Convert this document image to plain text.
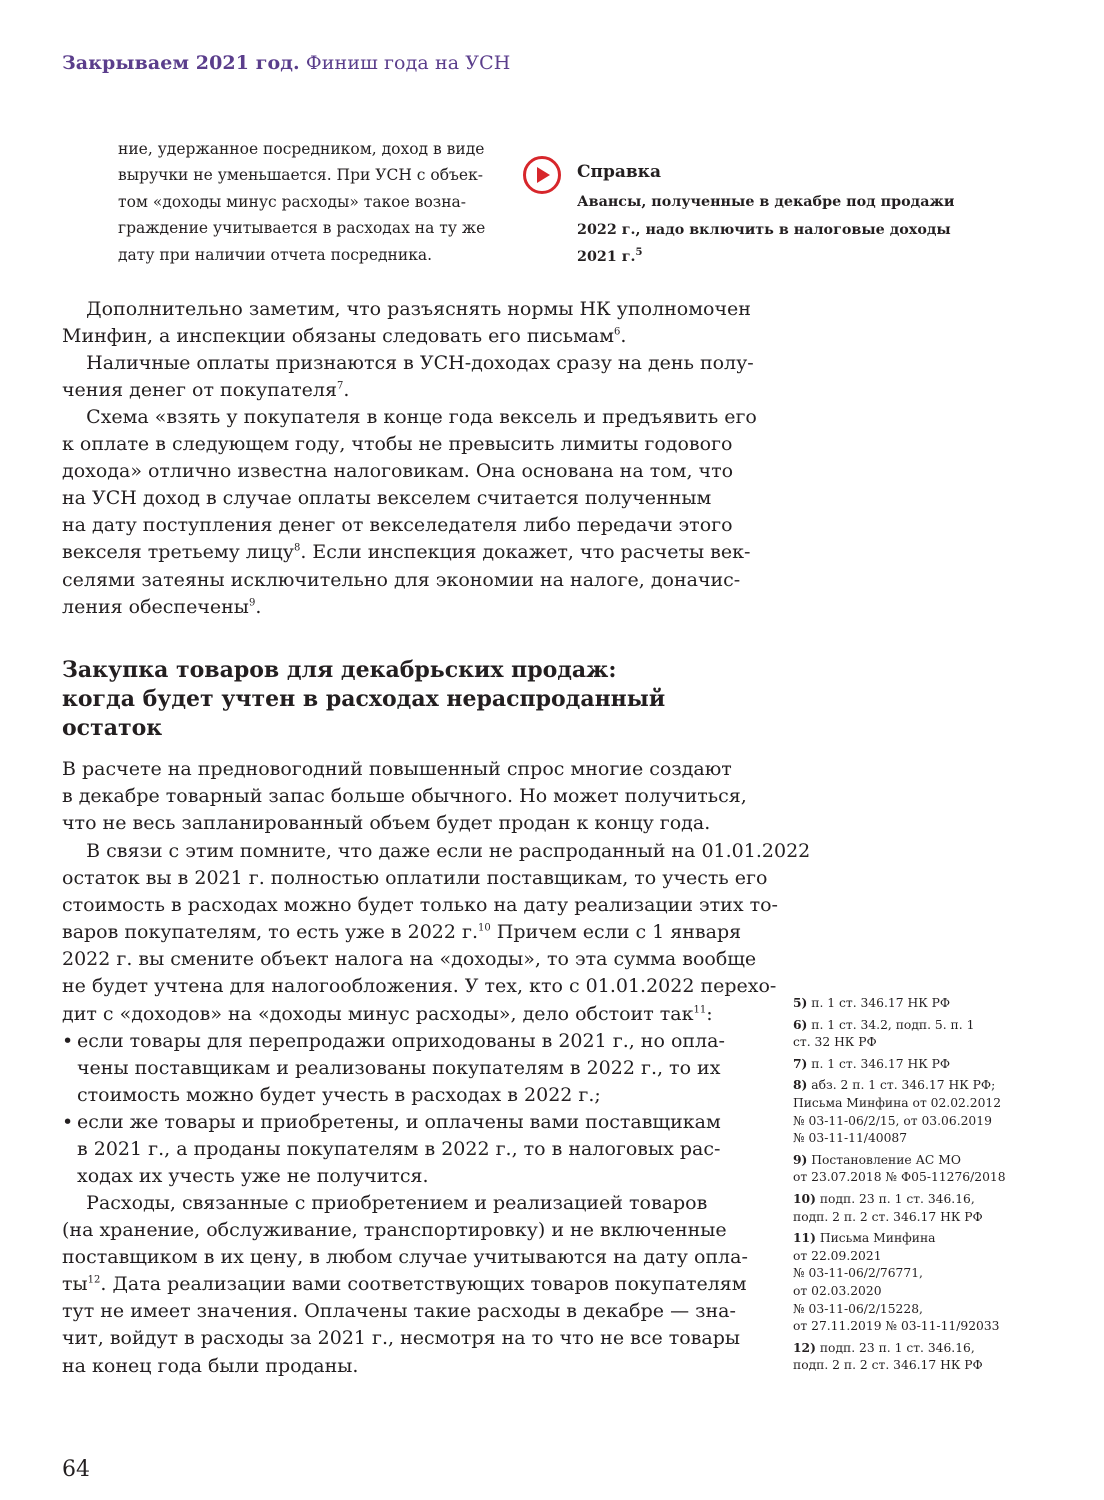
Закрываем 2021 год. Финиш года на УСН
ние, удержанное посредником, доход в виде
выручки не уменьшается. При УСН с объек-
том «доходы минус расходы» такое возна-
граждение учитывается в расходах на ту же
дату при наличии отчета посредника.
Справка
Авансы, полученные в декабре под продажи
2022 г., надо включить в налоговые доходы
2021 г.$^5$
Дополнительно заметим, что разъяснять нормы НК уполномочен
Минфин, а инспекции обязаны следовать его письмам$^6$.
Наличные оплаты признаются в УСН-доходах сразу на день полу-
чения денег от покупателя$^7$.
Схема «взять у покупателя в конце года вексель и предъявить его
к оплате в следующем году, чтобы не превысить лимиты годового
дохода» отлично известна налоговикам. Она основана на том, что
на УСН доход в случае оплаты векселем считается полученным
на дату поступления денег от векселедателя либо передачи этого
векселя третьему лицу$^8$. Если инспекция докажет, что расчеты век-
селями затеяны исключительно для экономии на налоге, доначис-
ления обеспечены$^9$.
Закупка товаров для декабрьских продаж:
когда будет учтен в расходах нераспроданный
остаток
В расчете на предновогодний повышенный спрос многие создают
в декабре товарный запас больше обычного. Но может получиться,
что не весь запланированный объем будет продан к концу года.
В связи с этим помните, что даже если не распроданный на 01.01.2022
остаток вы в 2021 г. полностью оплатили поставщикам, то учесть его
стоимость в расходах можно будет только на дату реализации этих то-
варов покупателям, то есть уже в 2022 г.$^{10}$ Причем если с 1 января
2022 г. вы смените объект налога на «доходы», то эта сумма вообще
не будет учтена для налогообложения. У тех, кто с 01.01.2022 перехо-
дит с «доходов» на «доходы минус расходы», дело обстоит так$^{11}$:
• если товары для перепродажи оприходованы в 2021 г., но опла-
чены поставщикам и реализованы покупателям в 2022 г., то их
стоимость можно будет учесть в расходах в 2022 г.;
• если же товары и приобретены, и оплачены вами поставщикам
в 2021 г., а проданы покупателям в 2022 г., то в налоговых рас-
ходах их учесть уже не получится.
Расходы, связанные с приобретением и реализацией товаров
(на хранение, обслуживание, транспортировку) и не включенные
поставщиком в их цену, в любом случае учитываются на дату опла-
$ты^{12}$. Дата реализации вами соответствующих товаров покупателям
тут не имеет значения. Оплачены такие расходы в декабре — зна-
чит, войдут в расходы за 2021 г., несмотря на то что не все товары
на конец года были проданы.
5) п. 1 ст. 346.17 НК РФ
6) п. 1 ст. 34.2, подп. 5. п. 1
ст. 32 НК РФ
7) п. 1 ст. 346.17 НК РФ
8) абз. 2 п. 1 ст. 346.17 НК РФ;
Письма Минфина от 02.02.2012
№ 03-11-06/2/15, от 03.06.2019
№ 03-11-11/40087
9) Постановление АС МО
от 23.07.2018 № Ф05-11276/2018
10) подп. 23 п. 1 ст. 346.16,
подп. 2 п. 2 ст. 346.17 НК РФ
11) Письма Минфина
от 22.09.2021
№ 03-11-06/2/76771,
от 02.03.2020
№ 03-11-06/2/15228,
от 27.11.2019 № 03-11-11/92033
12) подп. 23 п. 1 ст. 346.16,
подп. 2 п. 2 ст. 346.17 НК РФ
64
